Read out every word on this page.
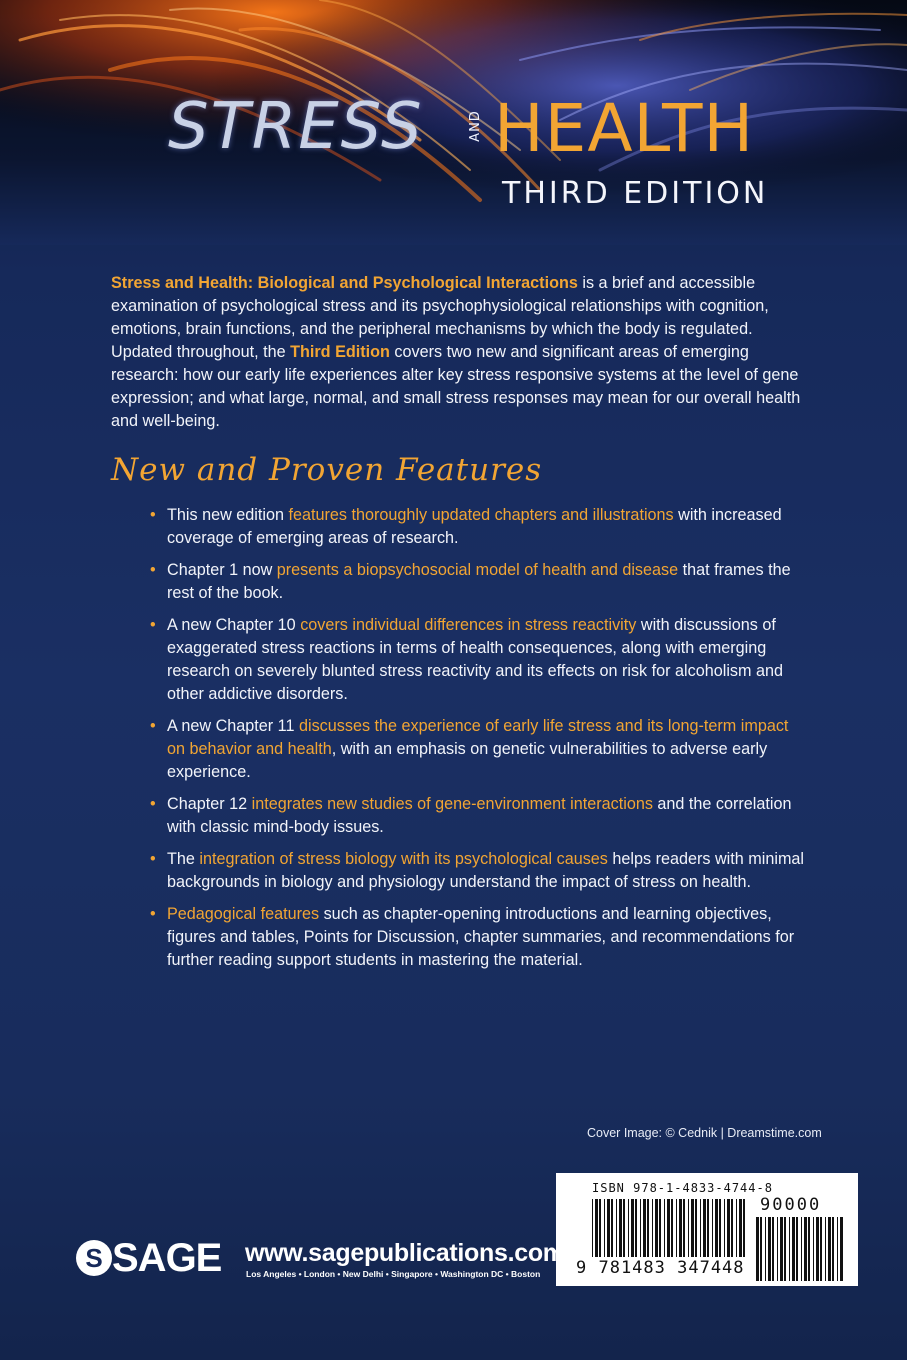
STRESS	AND HEALTH
THIRD EDITION
Stress and Health: Biological and Psychological Interactions is a brief and accessible examination of psychological stress and its psychophysiological relationships with cognition, emotions, brain functions, and the peripheral mechanisms by which the body is regulated. Updated throughout, the Third Edition covers two new and significant areas of emerging research: how our early life experiences alter key stress responsive systems at the level of gene expression; and what large, normal, and small stress responses may mean for our overall health and well-being.
New and Proven Features
• This new edition features thoroughly updated chapters and illustrations with increased coverage of emerging areas of research.
• Chapter 1 now presents a biopsychosocial model of health and disease that frames the rest of the book.
• A new Chapter 10 covers individual differences in stress reactivity with discussions of exaggerated stress reactions in terms of health consequences, along with emerging research on severely blunted stress reactivity and its effects on risk for alcoholism and other addictive disorders.
• A new Chapter 11 discusses the experience of early life stress and its long-term impact on behavior and health, with an emphasis on genetic vulnerabilities to adverse early experience.
• Chapter 12 integrates new studies of gene-environment interactions and the correlation with classic mind-body issues.
• The integration of stress biology with its psychological causes helps readers with minimal backgrounds in biology and physiology understand the impact of stress on health.
• Pedagogical features such as chapter-opening introductions and learning objectives, figures and tables, Points for Discussion, chapter summaries, and recommendations for further reading support students in mastering the material.
Cover Image: © Cednik | Dreamstime.com
ISBN 978-1-4833-4744-8
90000
9 781483 347448
S SAGE www.sagepublications.com
Los Angeles • London • New Delhi • Singapore • Washington DC • Boston
